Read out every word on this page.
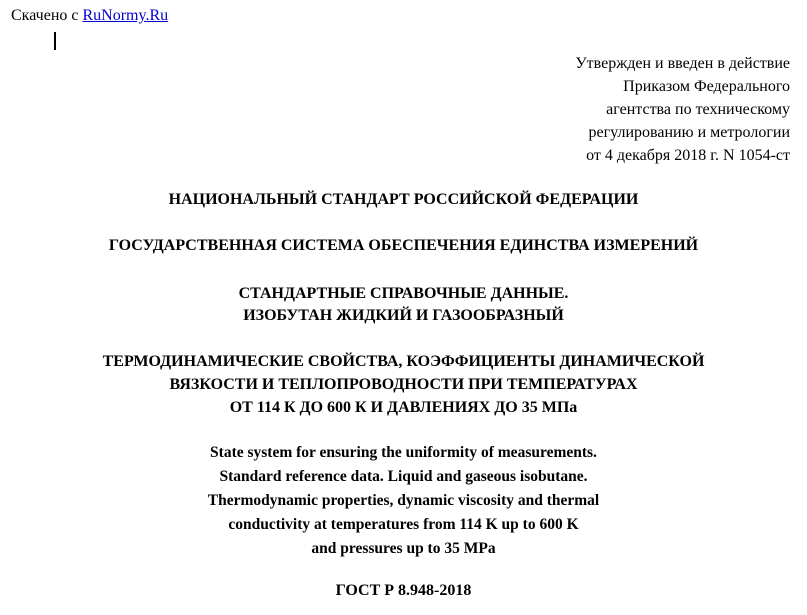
Скачено с RuNormy.Ru
Утвержден и введен в действие
Приказом Федерального
агентства по техническому
регулированию и метрологии
от 4 декабря 2018 г. N 1054-ст
НАЦИОНАЛЬНЫЙ СТАНДАРТ РОССИЙСКОЙ ФЕДЕРАЦИИ
ГОСУДАРСТВЕННАЯ СИСТЕМА ОБЕСПЕЧЕНИЯ ЕДИНСТВА ИЗМЕРЕНИЙ
СТАНДАРТНЫЕ СПРАВОЧНЫЕ ДАННЫЕ.
ИЗОБУТАН ЖИДКИЙ И ГАЗООБРАЗНЫЙ
ТЕРМОДИНАМИЧЕСКИЕ СВОЙСТВА, КОЭФФИЦИЕНТЫ ДИНАМИЧЕСКОЙ
ВЯЗКОСТИ И ТЕПЛОПРОВОДНОСТИ ПРИ ТЕМПЕРАТУРАХ
ОТ 114 К ДО 600 К И ДАВЛЕНИЯХ ДО 35 МПа
State system for ensuring the uniformity of measurements.
Standard reference data. Liquid and gaseous isobutane.
Thermodynamic properties, dynamic viscosity and thermal
conductivity at temperatures from 114 K up to 600 K
and pressures up to 35 MPa
ГОСТ Р 8.948-2018
